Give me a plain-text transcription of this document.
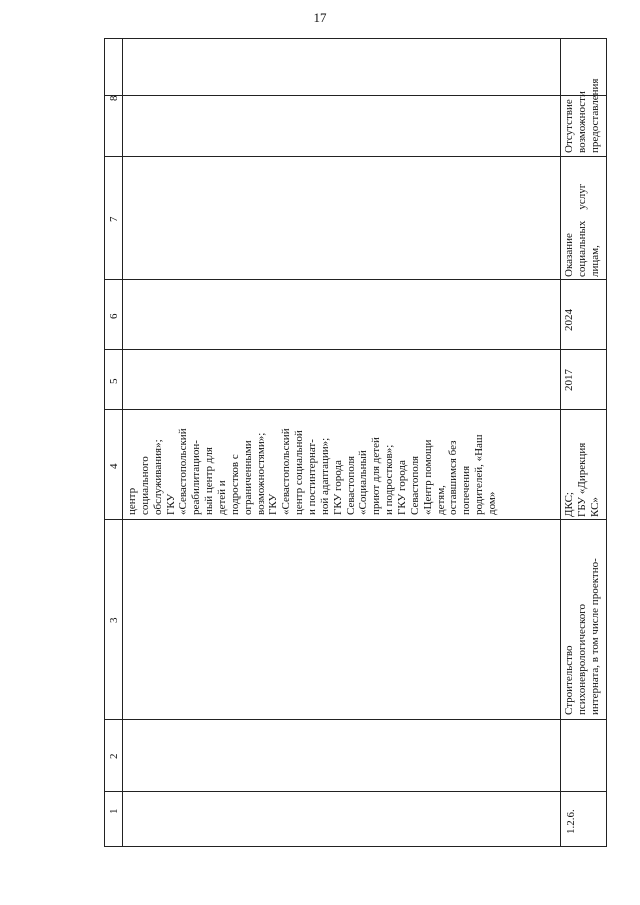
17
1
2
3
4
5
6
7
8
центр социального обслуживания»; ГКУ «Севастопольский реабилитацион- ный центр для детей и подростков с ограниченными возможностями»; ГКУ «Севастопольский центр социальной и постинтернат- ной адаптации»; ГКУ города Севастополя «Социальный приют для детей и подростков»; ГКУ города Севастополя «Центр помощи детям, оставшимся без попечения родителей, «Наш дом»
1.2.6.
Строительство психоневрологического интерната, в том числе проектно-
ДКС; ГБУ «Дирекция КС»
2017
2024
Оказание социальных    услуг лицам,
Отсутствие возможности предоставления
